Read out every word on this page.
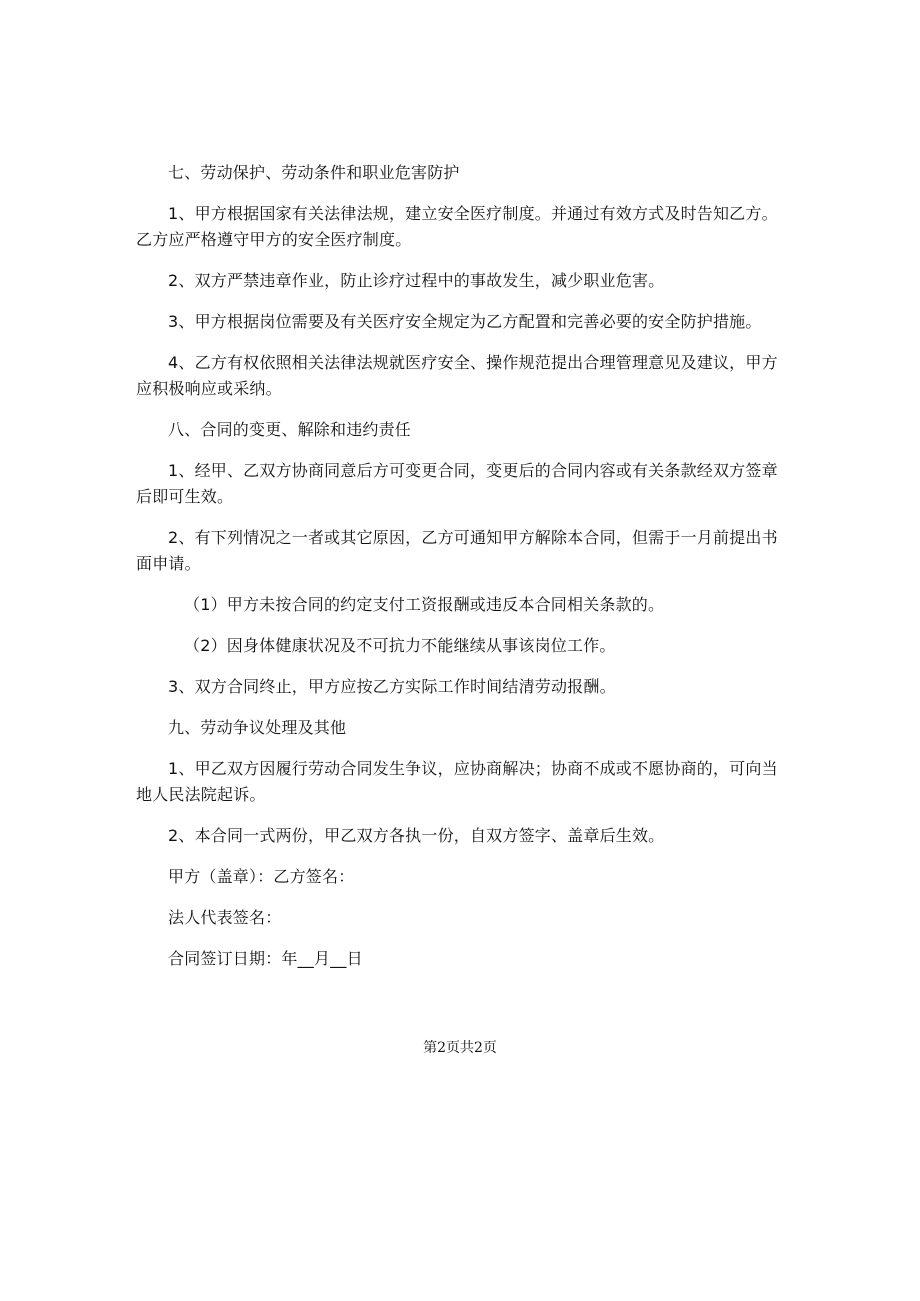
七、劳动保护、劳动条件和职业危害防护

1、甲方根据国家有关法律法规，建立安全医疗制度。并通过有效方式及时告知乙方。乙方应严格遵守甲方的安全医疗制度。

2、双方严禁违章作业，防止诊疗过程中的事故发生，减少职业危害。

3、甲方根据岗位需要及有关医疗安全规定为乙方配置和完善必要的安全防护措施。

4、乙方有权依照相关法律法规就医疗安全、操作规范提出合理管理意见及建议，甲方应积极响应或采纳。

八、合同的变更、解除和违约责任

1、经甲、乙双方协商同意后方可变更合同，变更后的合同内容或有关条款经双方签章后即可生效。

2、有下列情况之一者或其它原因，乙方可通知甲方解除本合同，但需于一月前提出书面申请。

（1）甲方未按合同的约定支付工资报酬或违反本合同相关条款的。

（2）因身体健康状况及不可抗力不能继续从事该岗位工作。

3、双方合同终止，甲方应按乙方实际工作时间结清劳动报酬。

九、劳动争议处理及其他

1、甲乙双方因履行劳动合同发生争议，应协商解决；协商不成或不愿协商的，可向当地人民法院起诉。

2、本合同一式两份，甲乙双方各执一份，自双方签字、盖章后生效。

甲方（盖章）：乙方签名：

法人代表签名：

合同签订日期：年__月__日

第2页共2页
